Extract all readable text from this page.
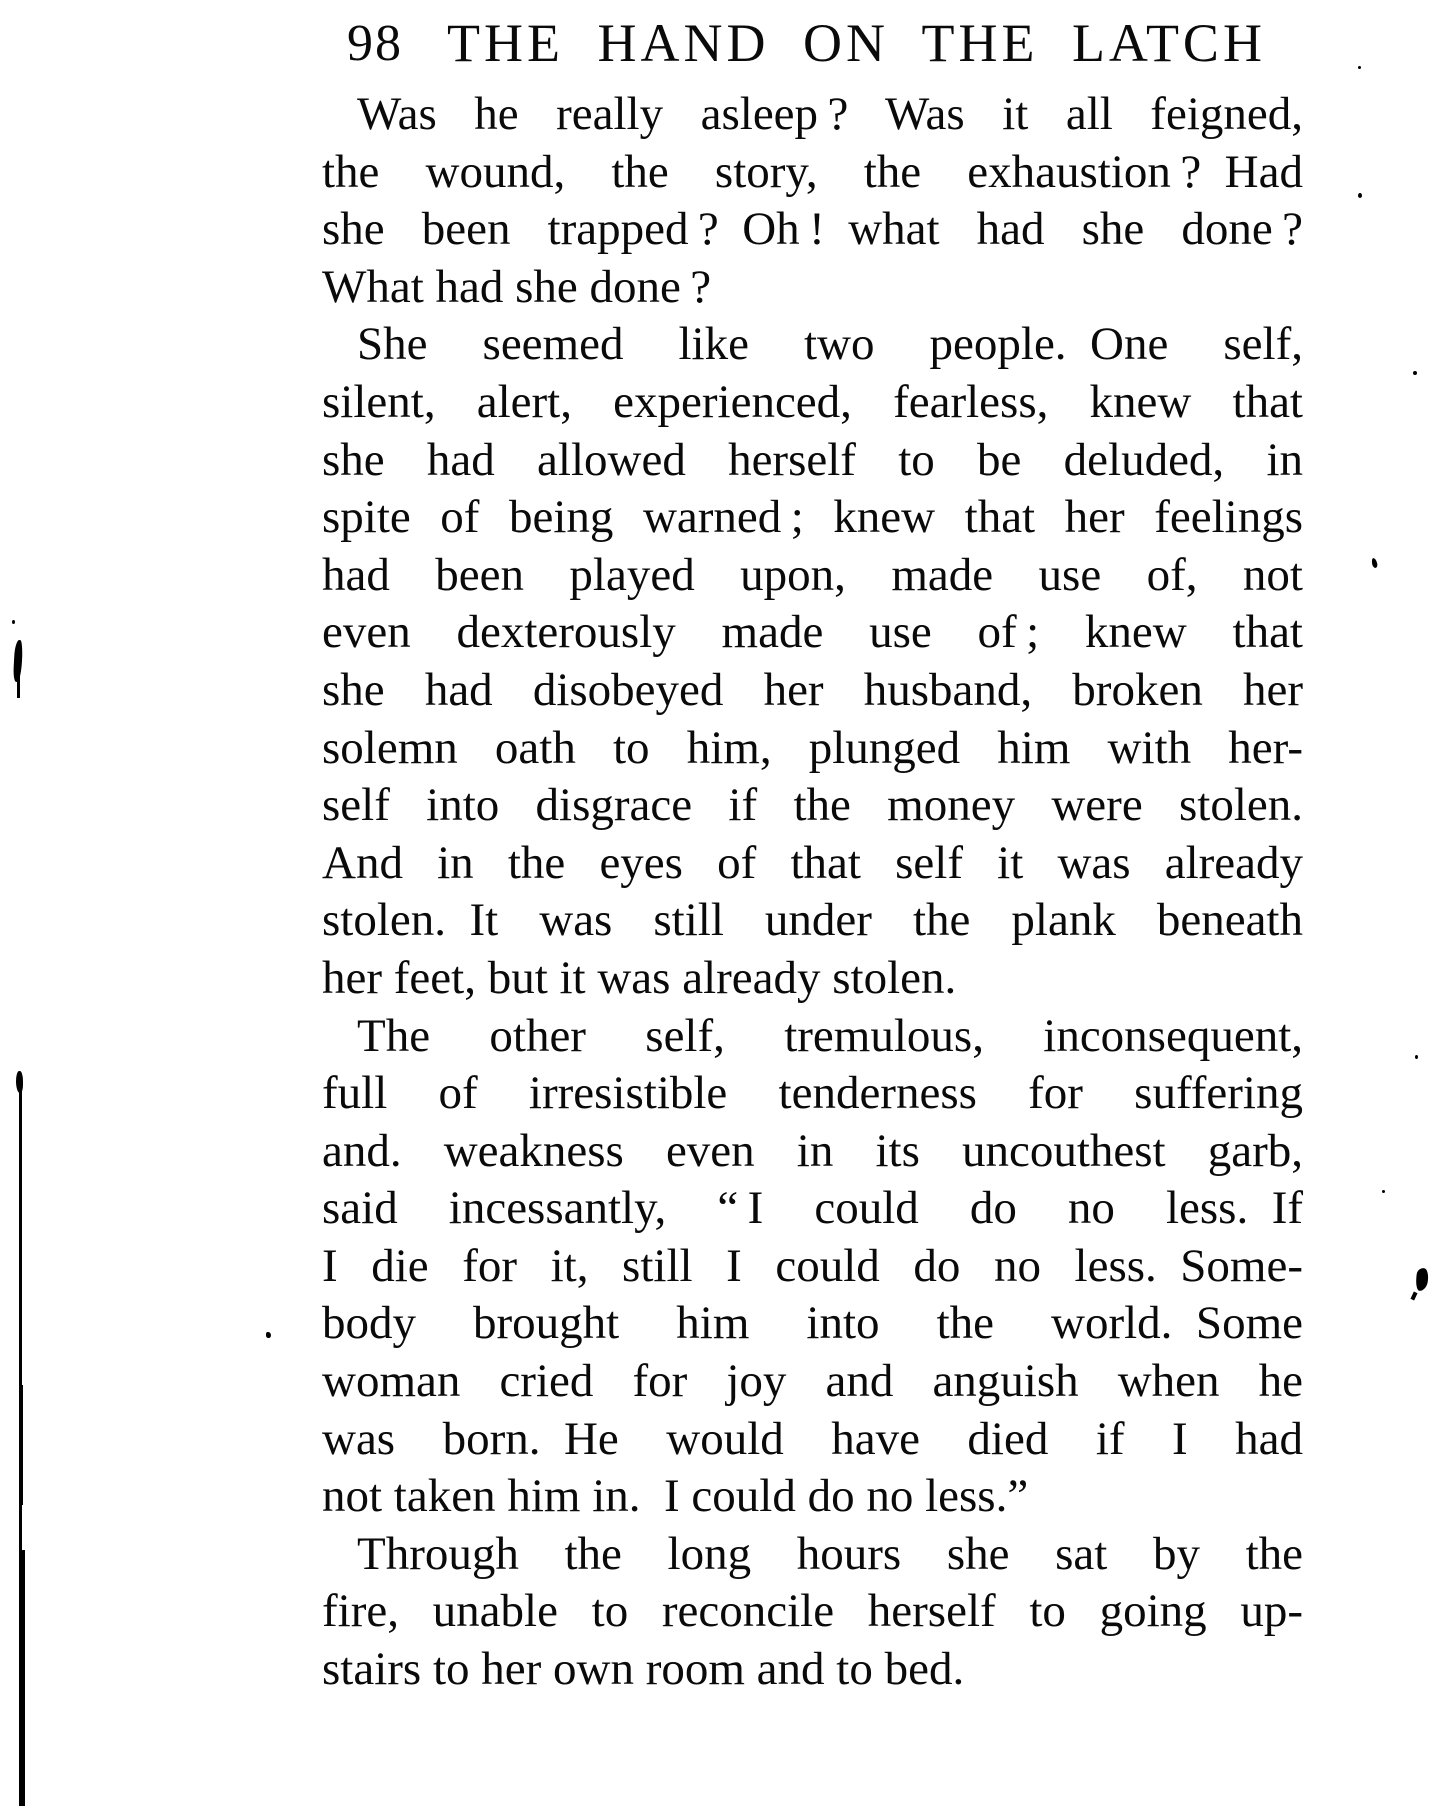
98 THE HAND ON THE LATCH
Was he really asleep ? Was it all feigned,
the wound, the story, the exhaustion ? Had
she been trapped ? Oh ! what had she done ?
What had she done ?
She seemed like two people. One self,
silent, alert, experienced, fearless, knew that
she had allowed herself to be deluded, in
spite of being warned ; knew that her feelings
had been played upon, made use of, not
even dexterously made use of ; knew that
she had disobeyed her husband, broken her
solemn oath to him, plunged him with her-
self into disgrace if the money were stolen.
And in the eyes of that self it was already
stolen. It was still under the plank beneath
her feet, but it was already stolen.
The other self, tremulous, inconsequent,
full of irresistible tenderness for suffering
and. weakness even in its uncouthest garb,
said incessantly, “ I could do no less. If
I die for it, still I could do no less. Some-
body brought him into the world. Some
woman cried for joy and anguish when he
was born. He would have died if I had
not taken him in. I could do no less.”
Through the long hours she sat by the
fire, unable to reconcile herself to going up-
stairs to her own room and to bed.
